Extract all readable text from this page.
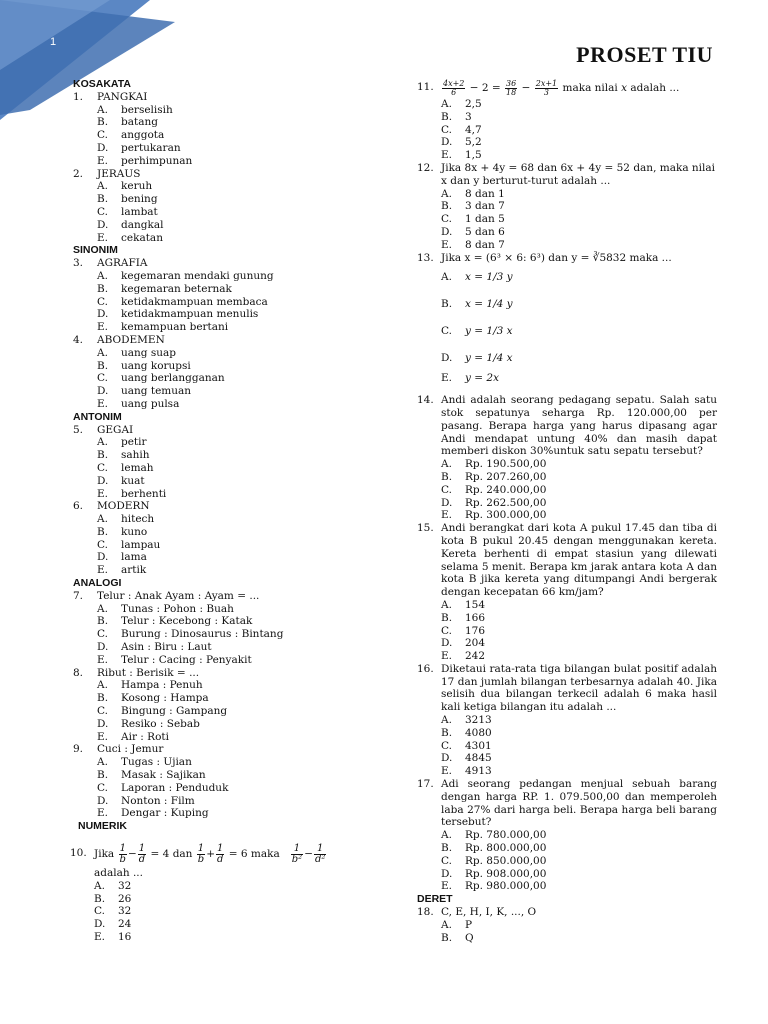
1	PROSET TIU
KOSAKATA
1. PANGKAI
A. berselisih
B. batang
C. anggota
D. pertukaran
E. perhimpunan
2. JERAUS
A. keruh
B. bening
C. lambat
D. dangkal
E. cekatan
SINONIM
3. AGRAFIA
A. kegemaran mendaki gunung
B. kegemaran beternak
C. ketidakmampuan membaca
D. ketidakmampuan menulis
E. kemampuan bertani
4. ABODEMEN
A. uang suap
B. uang korupsi
C. uang berlangganan
D. uang temuan
E. uang pulsa
ANTONIM
5. GEGAI
A. petir
B. sahih
C. lemah
D. kuat
E. berhenti
6. MODERN
A. hitech
B. kuno
C. lampau
D. lama
E. artik
ANALOGI
7. Telur : Anak Ayam : Ayam = ...
A. Tunas : Pohon : Buah
B. Telur : Kecebong : Katak
C. Burung : Dinosaurus : Bintang
D. Asin : Biru : Laut
E. Telur : Cacing : Penyakit
8. Ribut : Berisik = ...
A. Hampa : Penuh
B. Kosong : Hampa
C. Bingung : Gampang
D. Resiko : Sebab
E. Air : Roti
9. Cuci : Jemur
A. Tugas : Ujian
B. Masak : Sajikan
C. Laporan : Penduduk
D. Nonton : Film
E. Dengar : Kuping
NUMERIK
10. Jika $\frac{1}{b} - \frac{1}{d} = 4$ dan $\frac{1}{b} + \frac{1}{d} = 6$ maka $\frac{1}{\text{b²}} - \frac{1}{\text{d²}}$
adalah ...
A. 32
B. 26
C. 32
D. 24
E. 16
11. $\frac{4x+2}{6} - 2 = \frac{36}{18} - \frac{2x+1}{3}$ maka nilai x adalah ...
A. 2,5
B. 3
C. 4,7
D. 5,2
E. 1,5
12. Jika 8x + 4y = 68 dan 6x + 4y = 52 dan, maka nilai x dan y berturut-turut adalah ...
A. 8 dan 1
B. 3 dan 7
C. 1 dan 5
D. 5 dan 6
E. 8 dan 7
13. Jika x = (6³ × 6: 6³) dan y = ∛5832 maka ...
A. x = 1/3 y
B. x = 1/4 y
C. y = 1/3 x
D. y = 1/4 x
E. y = 2x
14. Andi adalah seorang pedagang sepatu. Salah satu stok sepatunya seharga Rp. 120.000,00 per pasang. Berapa harga yang harus dipasang agar Andi mendapat untung 40% dan masih dapat memberi diskon 30%untuk satu sepatu tersebut?
A. Rp. 190.500,00
B. Rp. 207.260,00
C. Rp. 240.000,00
D. Rp. 262.500,00
E. Rp. 300.000,00
15. Andi berangkat dari kota A pukul 17.45 dan tiba di kota B pukul 20.45 dengan menggunakan kereta. Kereta berhenti di empat stasiun yang dilewati selama 5 menit. Berapa km jarak antara kota A dan kota B jika kereta yang ditumpangi Andi bergerak dengan kecepatan 66 km/jam?
A. 154
B. 166
C. 176
D. 204
E. 242
16. Diketaui rata-rata tiga bilangan bulat positif adalah 17 dan jumlah bilangan terbesarnya adalah 40. Jika selisih dua bilangan terkecil adalah 6 maka hasil kali ketiga bilangan itu adalah ...
A. 3213
B. 4080
C. 4301
D. 4845
E. 4913
17. Adi seorang pedangan menjual sebuah barang dengan harga RP. 1. 079.500,00 dan memperoleh laba 27% dari harga beli. Berapa harga beli barang tersebut?
A. Rp. 780.000,00
B. Rp. 800.000,00
C. Rp. 850.000,00
D. Rp. 908.000,00
E. Rp. 980.000,00
DERET
18. C, E, H, I, K, ..., O
A. P
B. Q
